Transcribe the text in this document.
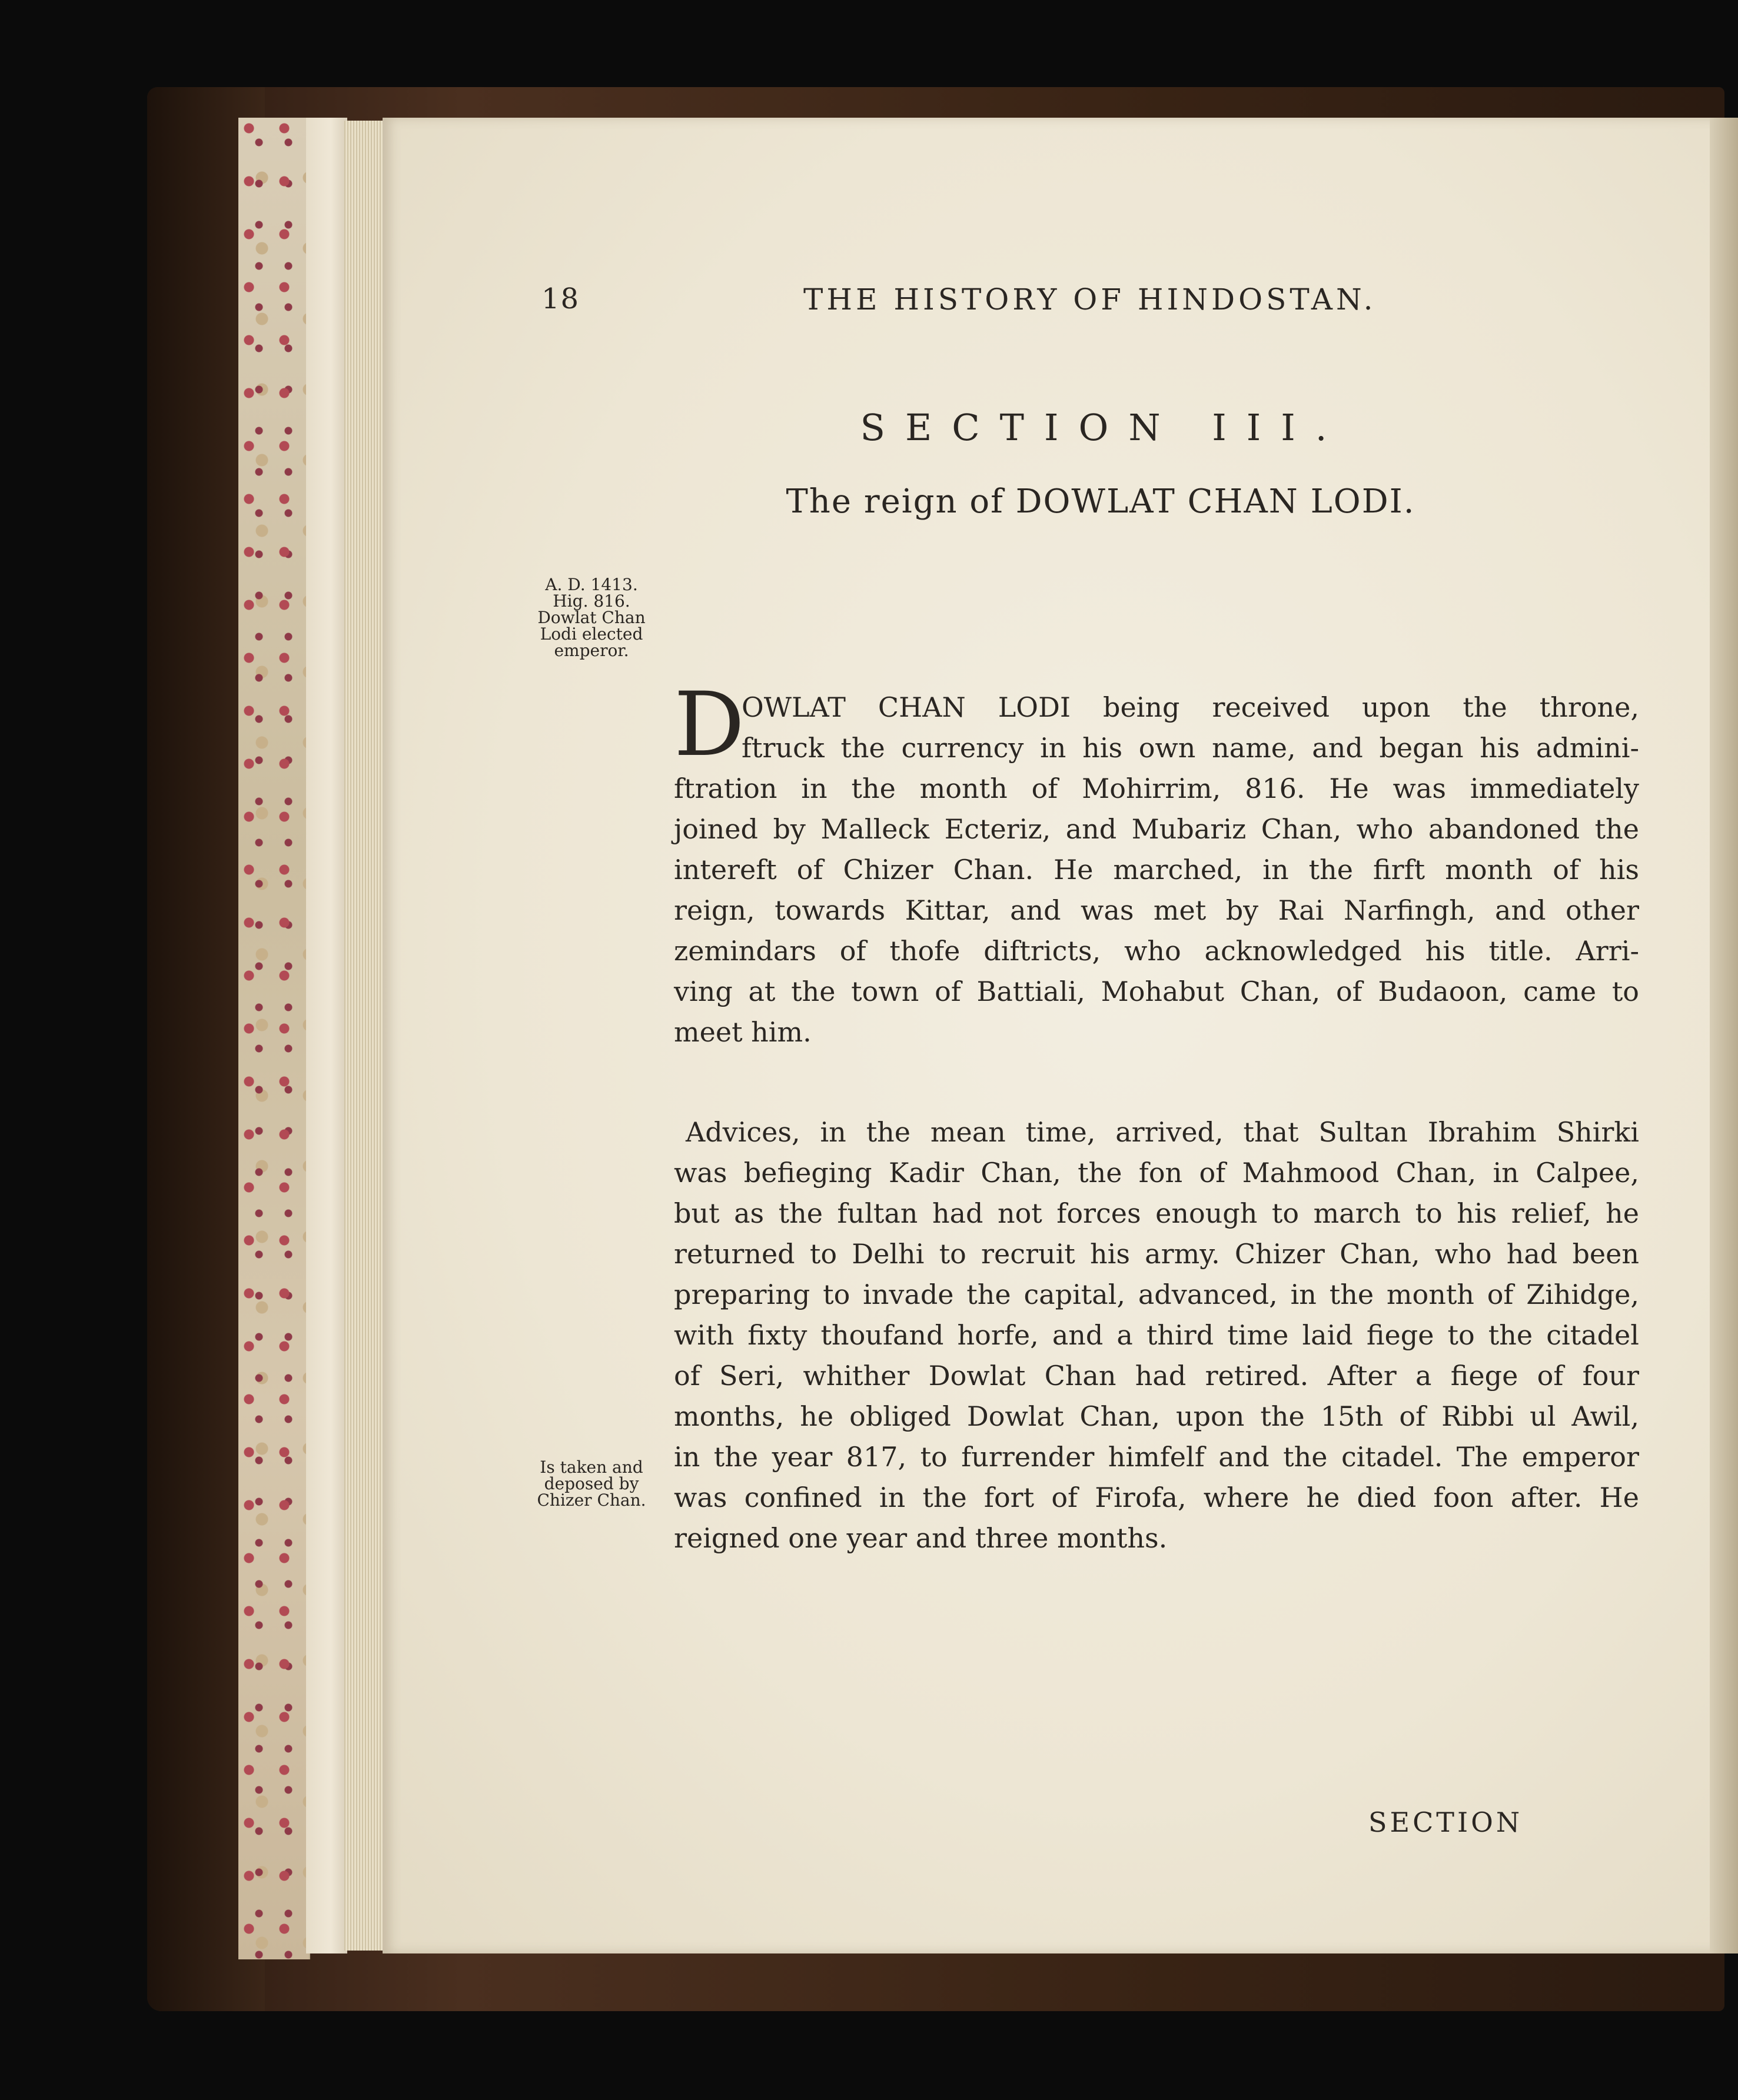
18	THE HISTORY OF HINDOSTAN.
SECTION III.
The reign of DOWLAT CHAN LODI.
A. D. 1413.
Hig. 816.
Dowlat Chan
Lodi elected
emperor.
Is taken and
deposed by
Chizer Chan.
D
OWLAT CHAN LODI being received upon the throne,
ftruck the currency in his own name, and began his admini-
ftration in the month of Mohirrim, 816. He was immediately
joined by Malleck Ecteriz, and Mubariz Chan, who abandoned the
intereft of Chizer Chan. He marched, in the firft month of his
reign, towards Kittar, and was met by Rai Narfingh, and other
zemindars of thofe diftricts, who acknowledged his title. Arri-
ving at the town of Battiali, Mohabut Chan, of Budaoon, came to
meet him.
Advices, in the mean time, arrived, that Sultan Ibrahim Shirki
was befieging Kadir Chan, the fon of Mahmood Chan, in Calpee,
but as the fultan had not forces enough to march to his relief, he
returned to Delhi to recruit his army. Chizer Chan, who had been
preparing to invade the capital, advanced, in the month of Zihidge,
with fixty thoufand horfe, and a third time laid fiege to the citadel
of Seri, whither Dowlat Chan had retired. After a fiege of four
months, he obliged Dowlat Chan, upon the 15th of Ribbi ul Awil,
in the year 817, to furrender himfelf and the citadel. The emperor
was confined in the fort of Firofa, where he died foon after. He
reigned one year and three months.
SECTION
